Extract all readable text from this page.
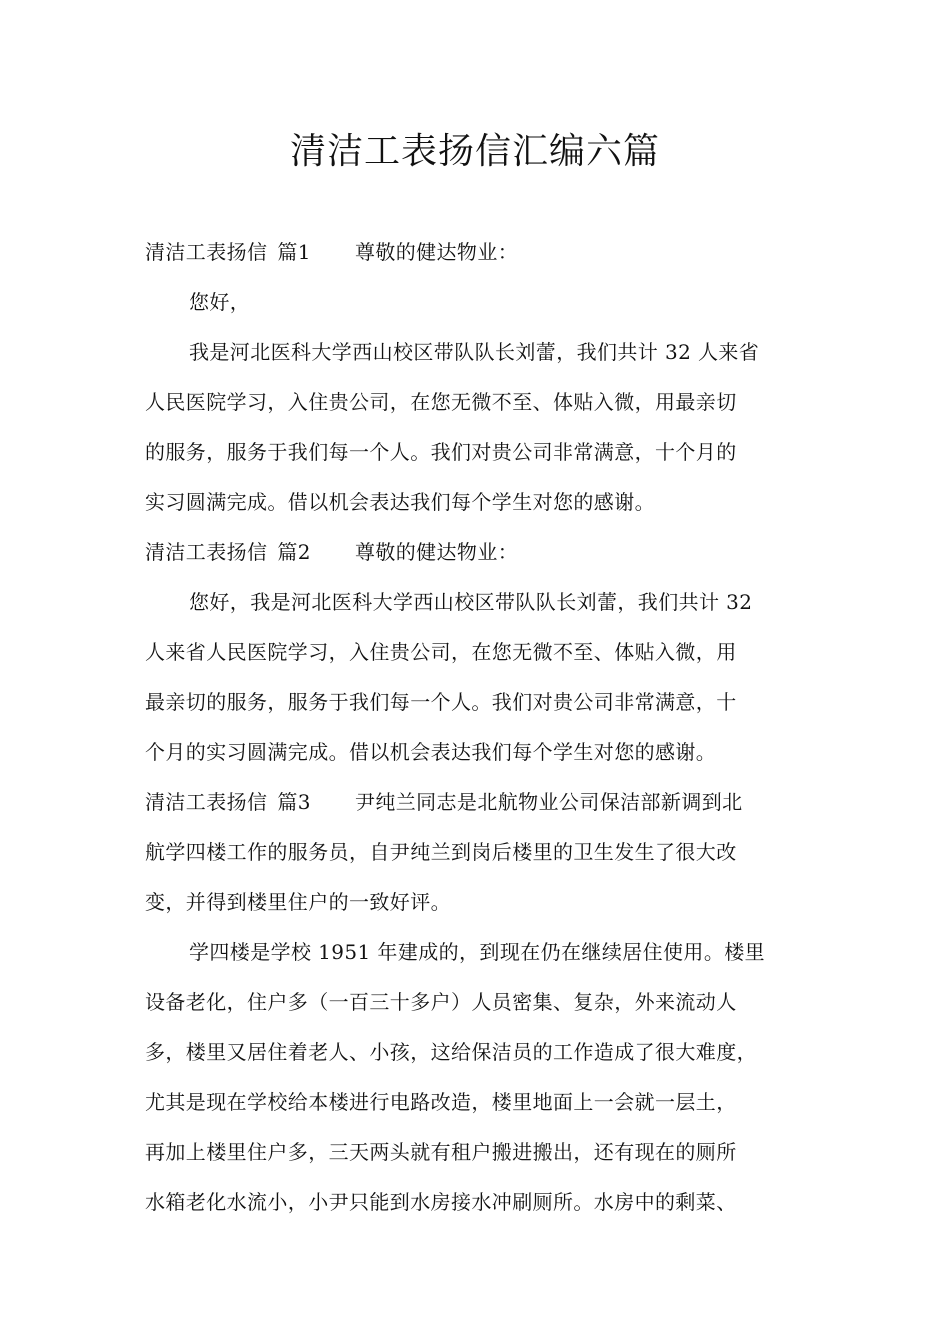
清洁工表扬信汇编六篇
清洁工表扬信 篇1 尊敬的健达物业：
您好，
我是河北医科大学西山校区带队队长刘蕾，我们共计 32 人来省
人民医院学习，入住贵公司，在您无微不至、体贴入微，用最亲切
的服务，服务于我们每一个人。我们对贵公司非常满意，十个月的
实习圆满完成。借以机会表达我们每个学生对您的感谢。
清洁工表扬信 篇2 尊敬的健达物业：
您好，我是河北医科大学西山校区带队队长刘蕾，我们共计 32
人来省人民医院学习，入住贵公司，在您无微不至、体贴入微，用
最亲切的服务，服务于我们每一个人。我们对贵公司非常满意，十
个月的实习圆满完成。借以机会表达我们每个学生对您的感谢。
清洁工表扬信 篇3 尹纯兰同志是北航物业公司保洁部新调到北
航学四楼工作的服务员，自尹纯兰到岗后楼里的卫生发生了很大改
变，并得到楼里住户的一致好评。
学四楼是学校 1951 年建成的，到现在仍在继续居住使用。楼里
设备老化，住户多（一百三十多户）人员密集、复杂，外来流动人
多，楼里又居住着老人、小孩，这给保洁员的工作造成了很大难度，
尤其是现在学校给本楼进行电路改造，楼里地面上一会就一层土，
再加上楼里住户多，三天两头就有租户搬进搬出，还有现在的厕所
水箱老化水流小，小尹只能到水房接水冲刷厕所。水房中的剩菜、
